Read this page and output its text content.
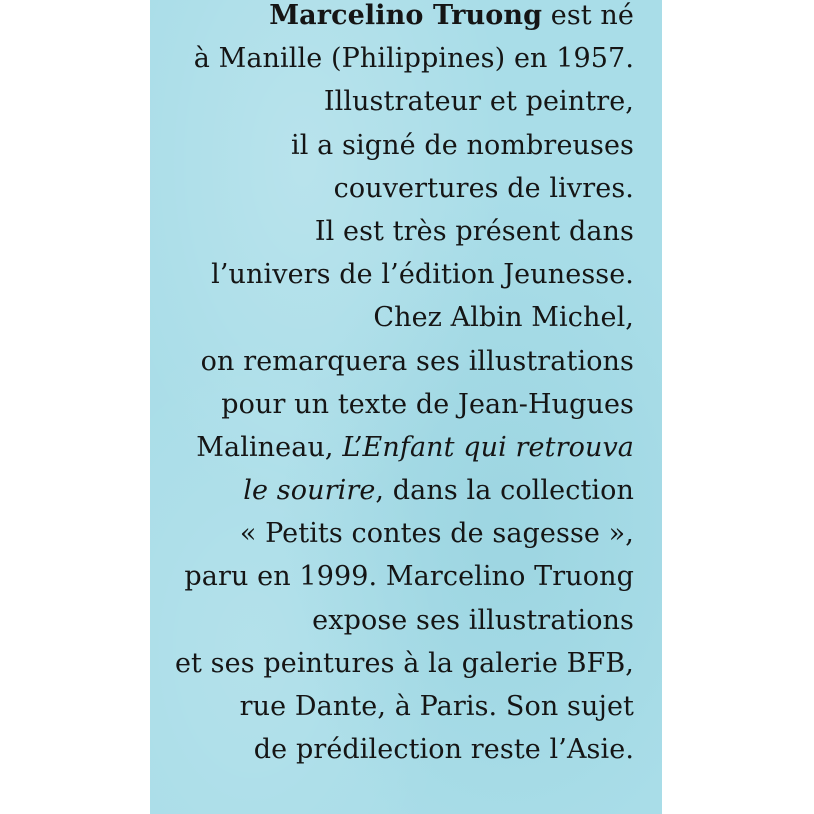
Marcelino Truong est né
à Manille (Philippines) en 1957.
Illustrateur et peintre,
il a signé de nombreuses
couvertures de livres.
Il est très présent dans
l’univers de l’édition Jeunesse.
Chez Albin Michel,
on remarquera ses illustrations
pour un texte de Jean-Hugues
Malineau, L’Enfant qui retrouva
le sourire, dans la collection
« Petits contes de sagesse »,
paru en 1999. Marcelino Truong
expose ses illustrations
et ses peintures à la galerie BFB,
rue Dante, à Paris. Son sujet
de prédilection reste l’Asie.
